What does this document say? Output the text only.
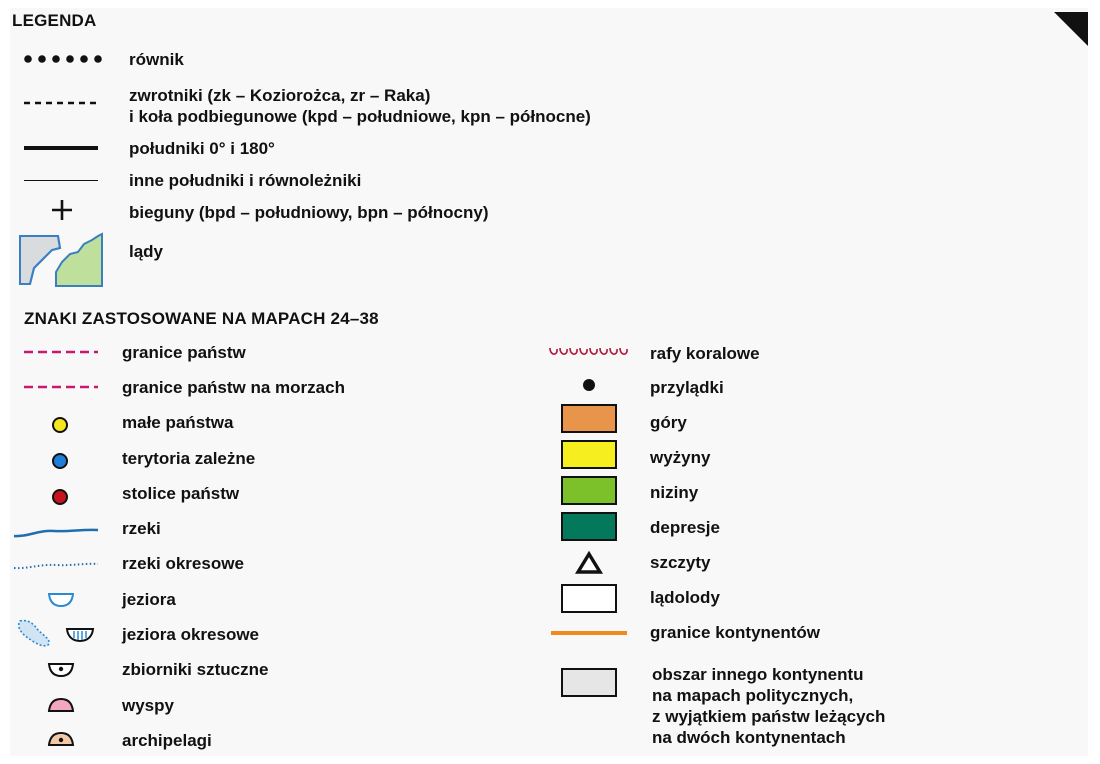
LEGENDA
równik
zwrotniki (zk – Koziorożca, zr – Raka)
i koła podbiegunowe (kpd – południowe, kpn – północne)
południki 0° i 180°
inne południki i równoleżniki
bieguny (bpd – południowy, bpn – północny)
lądy
ZNAKI ZASTOSOWANE NA MAPACH 24–38
granice państw
granice państw na morzach
małe państwa
terytoria zależne
stolice państw
rzeki
rzeki okresowe
jeziora
jeziora okresowe
zbiorniki sztuczne
wyspy
archipelagi
rafy koralowe
przylądki
góry
wyżyny
niziny
depresje
szczyty
lądolody
granice kontynentów
obszar innego kontynentu
na mapach politycznych,
z wyjątkiem państw leżących
na dwóch kontynentach
